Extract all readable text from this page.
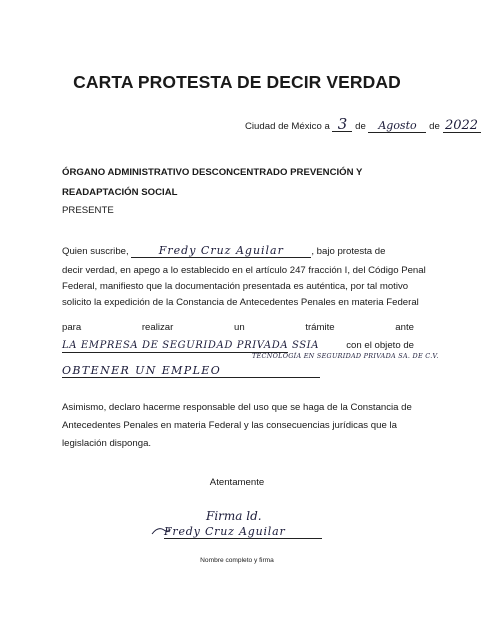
CARTA PROTESTA DE DECIR VERDAD
Ciudad de México a 3 de Agosto de 2022
ÓRGANO ADMINISTRATIVO DESCONCENTRADO PREVENCIÓN Y
READAPTACIÓN SOCIAL
PRESENTE
Quien suscribe,	Fredy Cruz Aguilar	, bajo protesta de
decir verdad, en apego a lo establecido en el artículo 247 fracción I, del Código Penal
Federal, manifiesto que la documentación presentada es auténtica, por tal motivo
solicito la expedición de la Constancia de Antecedentes Penales en materia Federal
para	realizar	un	trámite	ante
LA EMPRESA DE SEGURIDAD PRIVADA SSIA	con el objeto de
TECNOLOGÍA EN SEGURIDAD PRIVADA SA. DE C.V.
OBTENER UN EMPLEO
Asimismo, declaro hacerme responsable del uso que se haga de la Constancia de
Antecedentes Penales en materia Federal y las consecuencias jurídicas que la
legislación disponga.
Atentamente
Firma ld.
Fredy Cruz Aguilar
Nombre completo y firma
